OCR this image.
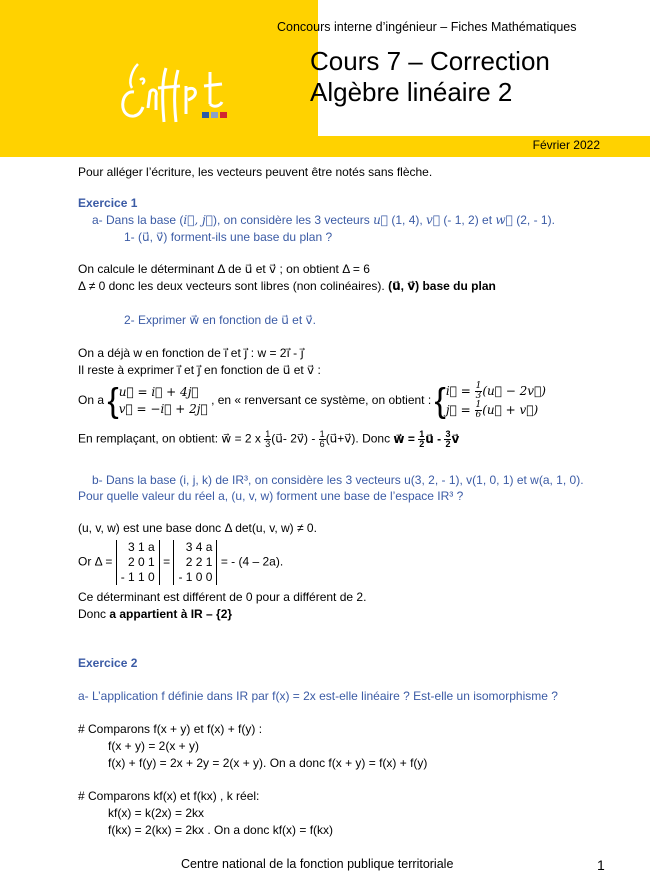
Février 2022
Concours interne d’ingénieur – Fiches Mathématiques
Cours 7 – Correction
Algèbre linéaire 2
Pour alléger l’écriture, les vecteurs peuvent être notés sans flèche.
Exercice 1
a- Dans la base (i⃗, j⃗), on considère les 3 vecteurs u⃗ (1, 4), v⃗ (- 1, 2) et w⃗ (2, - 1).
1- (u⃗, v⃗) forment-ils une base du plan ?
On calcule le déterminant Δ de u⃗ et v⃗ ; on obtient Δ = 6
Δ ≠ 0 donc les deux vecteurs sont libres (non colinéaires). (u⃗, v⃗) base du plan
2- Exprimer w⃗ en fonction de u⃗ et v⃗.
On a déjà w en fonction de i⃗ et j⃗ : w = 2i⃗ - j⃗
Il reste à exprimer i⃗ et j⃗ en fonction de u⃗ et v⃗ :
On a { u⃗ = i⃗ + 4j⃗
v⃗ = −i⃗ + 2j⃗
, en « renversant ce système, on obtient : { i⃗ = $\frac{1}{3}$ (u⃗ − 2v⃗)
j⃗ = $\frac{1}{6}$ (u⃗ + v⃗)
En remplaçant, on obtient: w⃗ = 2 x $\frac{1}{3}$ (u⃗- 2v⃗) - $\frac{1}{6}$ (u⃗+v⃗). Donc w⃗ = $\frac{1}{2}$ u⃗ - $\frac{3}{2}$ v⃗
b- Dans la base (i, j, k) de IR³, on considère les 3 vecteurs u(3, 2, - 1), v(1, 0, 1) et w(a, 1, 0).
Pour quelle valeur du réel a, (u, v, w) forment une base de l’espace IR³ ?
(u, v, w) est une base donc Δ det(u, v, w) ≠ 0.
Or Δ =
3 1 a
2 0 1
- 1 1 0
=
3 4 a
2 2 1
- 1 0 0
= - (4 – 2a).
Ce déterminant est différent de 0 pour a différent de 2.
Donc a appartient à IR – {2}
Exercice 2
a- L’application f définie dans IR par f(x) = 2x est-elle linéaire ? Est-elle un isomorphisme ?
# Comparons f(x + y) et f(x) + f(y) :
f(x + y) = 2(x + y)
f(x) + f(y) = 2x + 2y = 2(x + y). On a donc f(x + y) = f(x) + f(y)
# Comparons kf(x) et f(kx) , k réel:
kf(x) = k(2x) = 2kx
f(kx) = 2(kx) = 2kx . On a donc kf(x) = f(kx)
Centre national de la fonction publique territoriale	1
